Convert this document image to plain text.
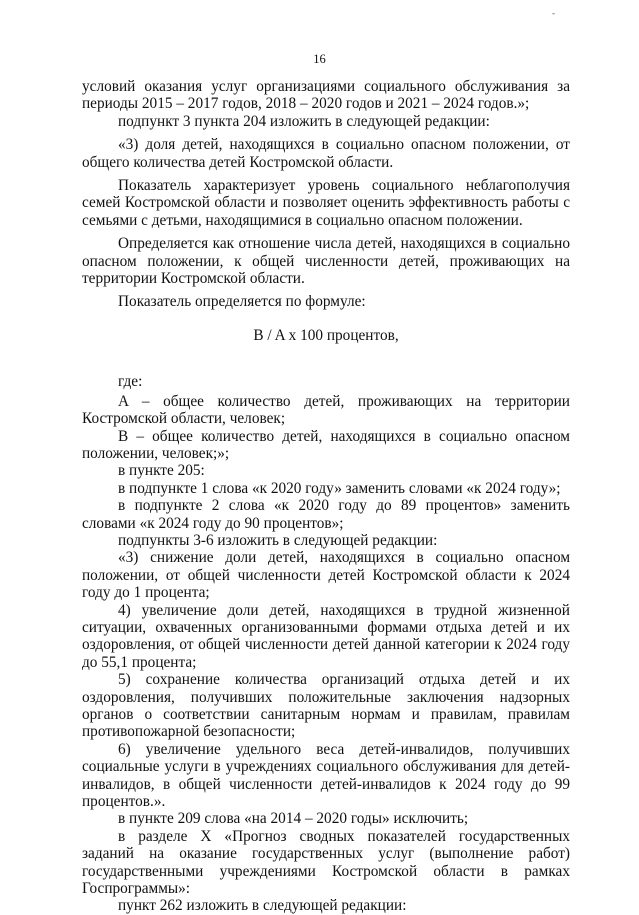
-
16

условий оказания услуг организациями социального обслуживания за периоды 2015 – 2017 годов, 2018 – 2020 годов и 2021 – 2024 годов.»;

подпункт 3 пункта 204 изложить в следующей редакции:

«3) доля детей, находящихся в социально опасном положении, от общего количества детей Костромской области.

Показатель характеризует уровень социального неблагополучия семей Костромской области и позволяет оценить эффективность работы с семьями с детьми, находящимися в социально опасном положении.

Определяется как отношение числа детей, находящихся в социально опасном положении, к общей численности детей, проживающих на территории Костромской области.

Показатель определяется по формуле:

B / A x 100 процентов,

где:

A – общее количество детей, проживающих на территории Костромской области, человек;

B – общее количество детей, находящихся в социально опасном положении, человек;»;

в пункте 205:

в подпункте 1 слова «к 2020 году» заменить словами «к 2024 году»;

в подпункте 2 слова «к 2020 году до 89 процентов» заменить словами «к 2024 году до 90 процентов»;

подпункты 3-6 изложить в следующей редакции:

«3) снижение доли детей, находящихся в социально опасном положении, от общей численности детей Костромской области к 2024 году до 1 процента;

4) увеличение доли детей, находящихся в трудной жизненной ситуации, охваченных организованными формами отдыха детей и их оздоровления, от общей численности детей данной категории к 2024 году до 55,1 процента;

5) сохранение количества организаций отдыха детей и их оздоровления, получивших положительные заключения надзорных органов о соответствии санитарным нормам и правилам, правилам противопожарной безопасности;

6) увеличение удельного веса детей-инвалидов, получивших социальные услуги в учреждениях социального обслуживания для детей-инвалидов, в общей численности детей-инвалидов к 2024 году до 99 процентов.».

в пункте 209 слова «на 2014 – 2020 годы» исключить;

в разделе X «Прогноз сводных показателей государственных заданий на оказание государственных услуг (выполнение работ) государственными учреждениями Костромской области в рамках Госпрограммы»:

пункт 262 изложить в следующей редакции:
